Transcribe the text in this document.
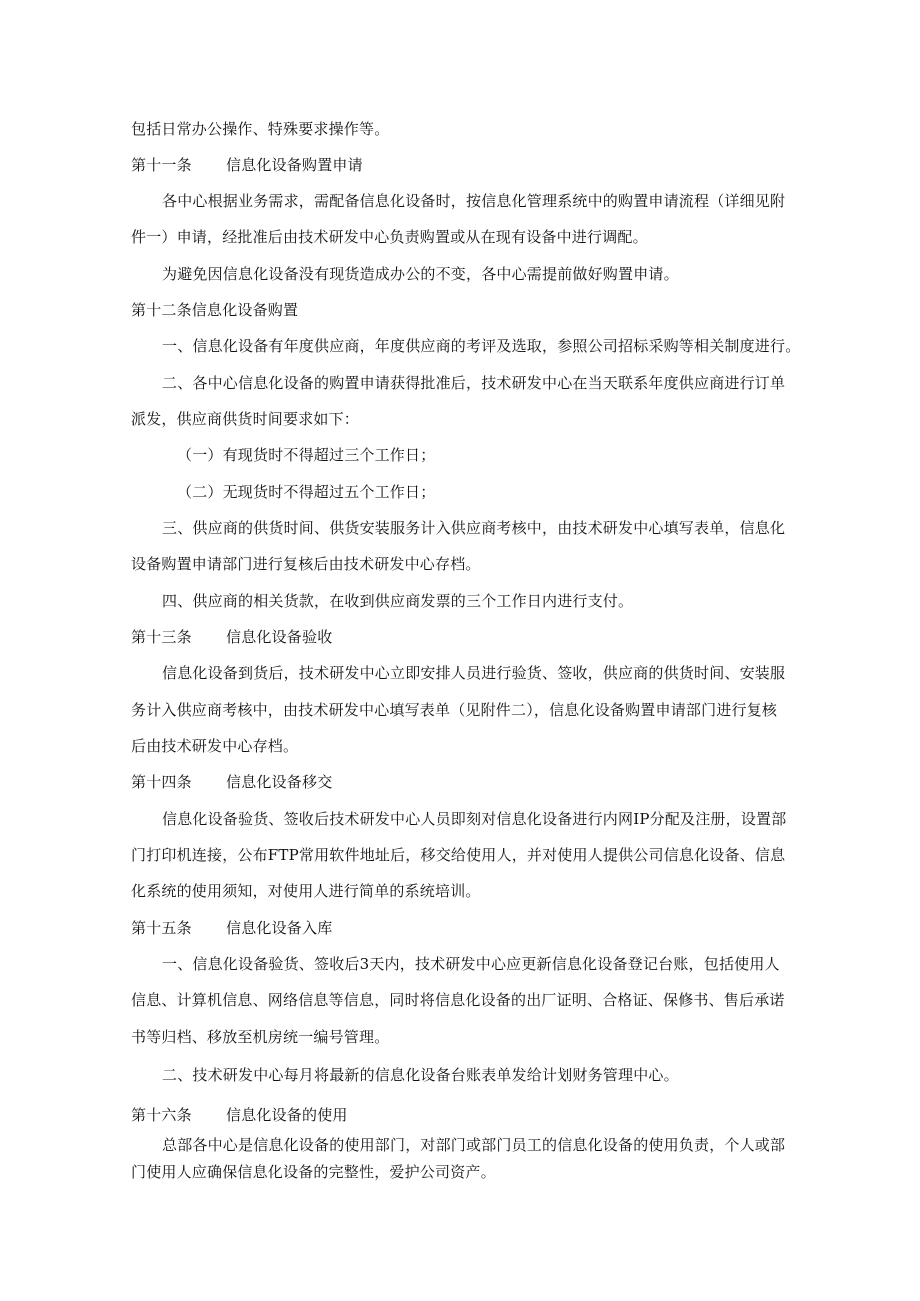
包括日常办公操作、特殊要求操作等。

第十一条	信息化设备购置申请

各中心根据业务需求，需配备信息化设备时，按信息化管理系统中的购置申请流程（详细见附

件一）申请，经批准后由技术研发中心负责购置或从在现有设备中进行调配。

为避免因信息化设备没有现货造成办公的不变，各中心需提前做好购置申请。

第十二条信息化设备购置

一、信息化设备有年度供应商，年度供应商的考评及选取，参照公司招标采购等相关制度进行。

二、各中心信息化设备的购置申请获得批准后，技术研发中心在当天联系年度供应商进行订单

派发，供应商供货时间要求如下：

（一）有现货时不得超过三个工作日；

（二）无现货时不得超过五个工作日；

三、供应商的供货时间、供货安装服务计入供应商考核中，由技术研发中心填写表单，信息化

设备购置申请部门进行复核后由技术研发中心存档。

四、供应商的相关货款，在收到供应商发票的三个工作日内进行支付。

第十三条	信息化设备验收

信息化设备到货后，技术研发中心立即安排人员进行验货、签收，供应商的供货时间、安装服

务计入供应商考核中，由技术研发中心填写表单（见附件二），信息化设备购置申请部门进行复核

后由技术研发中心存档。

第十四条	信息化设备移交

信息化设备验货、签收后技术研发中心人员即刻对信息化设备进行内网IP分配及注册，设置部

门打印机连接，公布FTP常用软件地址后，移交给使用人，并对使用人提供公司信息化设备、信息

化系统的使用须知，对使用人进行简单的系统培训。

第十五条	信息化设备入库

一、信息化设备验货、签收后3天内，技术研发中心应更新信息化设备登记台账，包括使用人

信息、计算机信息、网络信息等信息，同时将信息化设备的出厂证明、合格证、保修书、售后承诺

书等归档、移放至机房统一编号管理。

二、技术研发中心每月将最新的信息化设备台账表单发给计划财务管理中心。

第十六条	信息化设备的使用

总部各中心是信息化设备的使用部门，对部门或部门员工的信息化设备的使用负责，个人或部

门使用人应确保信息化设备的完整性，爱护公司资产。
